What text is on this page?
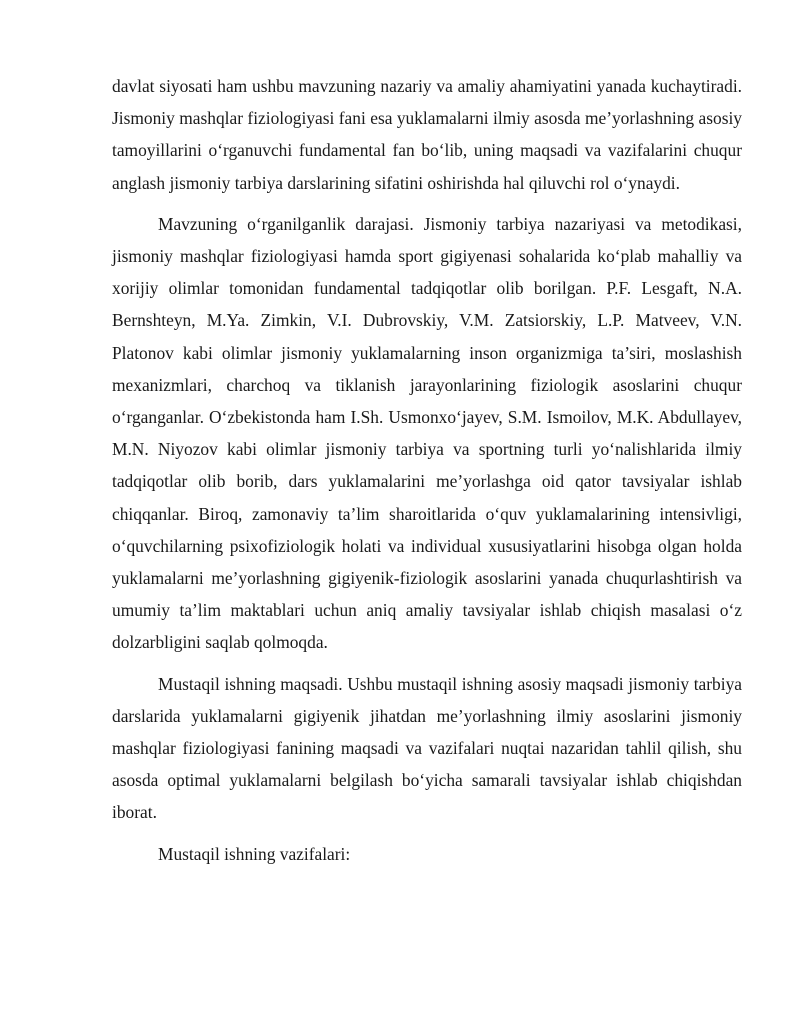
davlat siyosati ham ushbu mavzuning nazariy va amaliy ahamiyatini yanada kuchaytiradi. Jismoniy mashqlar fiziologiyasi fani esa yuklamalarni ilmiy asosda me’yorlashning asosiy tamoyillarini o‘rganuvchi fundamental fan bo‘lib, uning maqsadi va vazifalarini chuqur anglash jismoniy tarbiya darslarining sifatini oshirishda hal qiluvchi rol o‘ynaydi.

Mavzuning o‘rganilganlik darajasi. Jismoniy tarbiya nazariyasi va metodikasi, jismoniy mashqlar fiziologiyasi hamda sport gigiyenasi sohalarida ko‘plab mahalliy va xorijiy olimlar tomonidan fundamental tadqiqotlar olib borilgan. P.F. Lesgaft, N.A. Bernshteyn, M.Ya. Zimkin, V.I. Dubrovskiy, V.M. Zatsiorskiy, L.P. Matveev, V.N. Platonov kabi olimlar jismoniy yuklamalarning inson organizmiga ta’siri, moslashish mexanizmlari, charchoq va tiklanish jarayonlarining fiziologik asoslarini chuqur o‘rganganlar. O‘zbekistonda ham I.Sh. Usmonxo‘jayev, S.M. Ismoilov, M.K. Abdullayev, M.N. Niyozov kabi olimlar jismoniy tarbiya va sportning turli yo‘nalishlarida ilmiy tadqiqotlar olib borib, dars yuklamalarini me’yorlashga oid qator tavsiyalar ishlab chiqqanlar. Biroq, zamonaviy ta’lim sharoitlarida o‘quv yuklamalarining intensivligi, o‘quvchilarning psixofiziologik holati va individual xususiyatlarini hisobga olgan holda yuklamalarni me’yorlashning gigiyenik-fiziologik asoslarini yanada chuqurlashtirish va umumiy ta’lim maktablari uchun aniq amaliy tavsiyalar ishlab chiqish masalasi o‘z dolzarbligini saqlab qolmoqda.

Mustaqil ishning maqsadi. Ushbu mustaqil ishning asosiy maqsadi jismoniy tarbiya darslarida yuklamalarni gigiyenik jihatdan me’yorlashning ilmiy asoslarini jismoniy mashqlar fiziologiyasi fanining maqsadi va vazifalari nuqtai nazaridan tahlil qilish, shu asosda optimal yuklamalarni belgilash bo‘yicha samarali tavsiyalar ishlab chiqishdan iborat.

Mustaqil ishning vazifalari:
